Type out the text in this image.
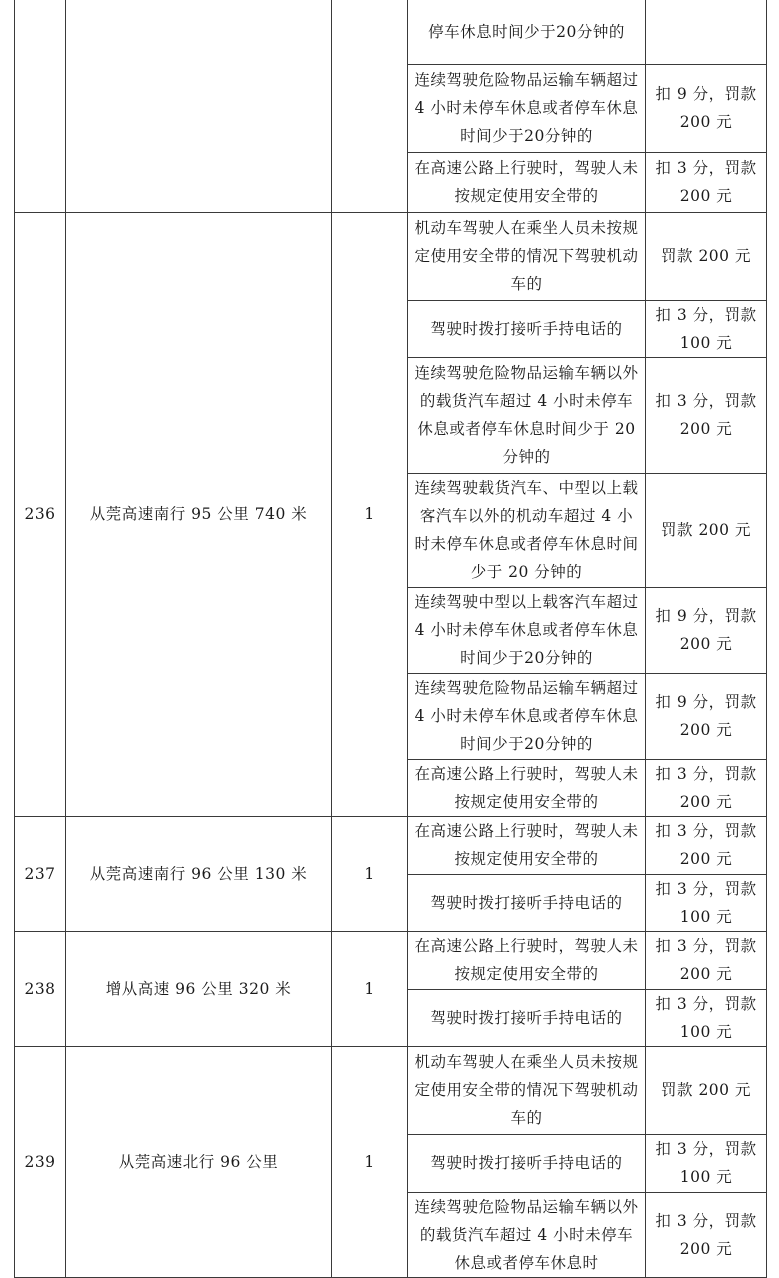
			停车休息时间少于20分钟的	
			连续驾驶危险物品运输车辆超过 4 小时未停车休息或者停车休息时间少于20分钟的	扣 9 分，罚款 200 元
			在高速公路上行驶时，驾驶人未按规定使用安全带的	扣 3 分，罚款 200 元
236	从莞高速南行 95 公里 740 米	1	机动车驾驶人在乘坐人员未按规定使用安全带的情况下驾驶机动车的	罚款 200 元
			驾驶时拨打接听手持电话的	扣 3 分，罚款 100 元
			连续驾驶危险物品运输车辆以外的载货汽车超过 4 小时未停车休息或者停车休息时间少于 20 分钟的	扣 3 分，罚款 200 元
			连续驾驶载货汽车、中型以上载客汽车以外的机动车超过 4 小时未停车休息或者停车休息时间少于 20 分钟的	罚款 200 元
			连续驾驶中型以上载客汽车超过 4 小时未停车休息或者停车休息时间少于20分钟的	扣 9 分，罚款 200 元
			连续驾驶危险物品运输车辆超过 4 小时未停车休息或者停车休息时间少于20分钟的	扣 9 分，罚款 200 元
			在高速公路上行驶时，驾驶人未按规定使用安全带的	扣 3 分，罚款 200 元
237	从莞高速南行 96 公里 130 米	1	在高速公路上行驶时，驾驶人未按规定使用安全带的	扣 3 分，罚款 200 元
			驾驶时拨打接听手持电话的	扣 3 分，罚款 100 元
238	增从高速 96 公里 320 米	1	在高速公路上行驶时，驾驶人未按规定使用安全带的	扣 3 分，罚款 200 元
			驾驶时拨打接听手持电话的	扣 3 分，罚款 100 元
239	从莞高速北行 96 公里	1	机动车驾驶人在乘坐人员未按规定使用安全带的情况下驾驶机动车的	罚款 200 元
			驾驶时拨打接听手持电话的	扣 3 分，罚款 100 元
			连续驾驶危险物品运输车辆以外的载货汽车超过 4 小时未停车休息或者停车休息时	扣 3 分，罚款 200 元
